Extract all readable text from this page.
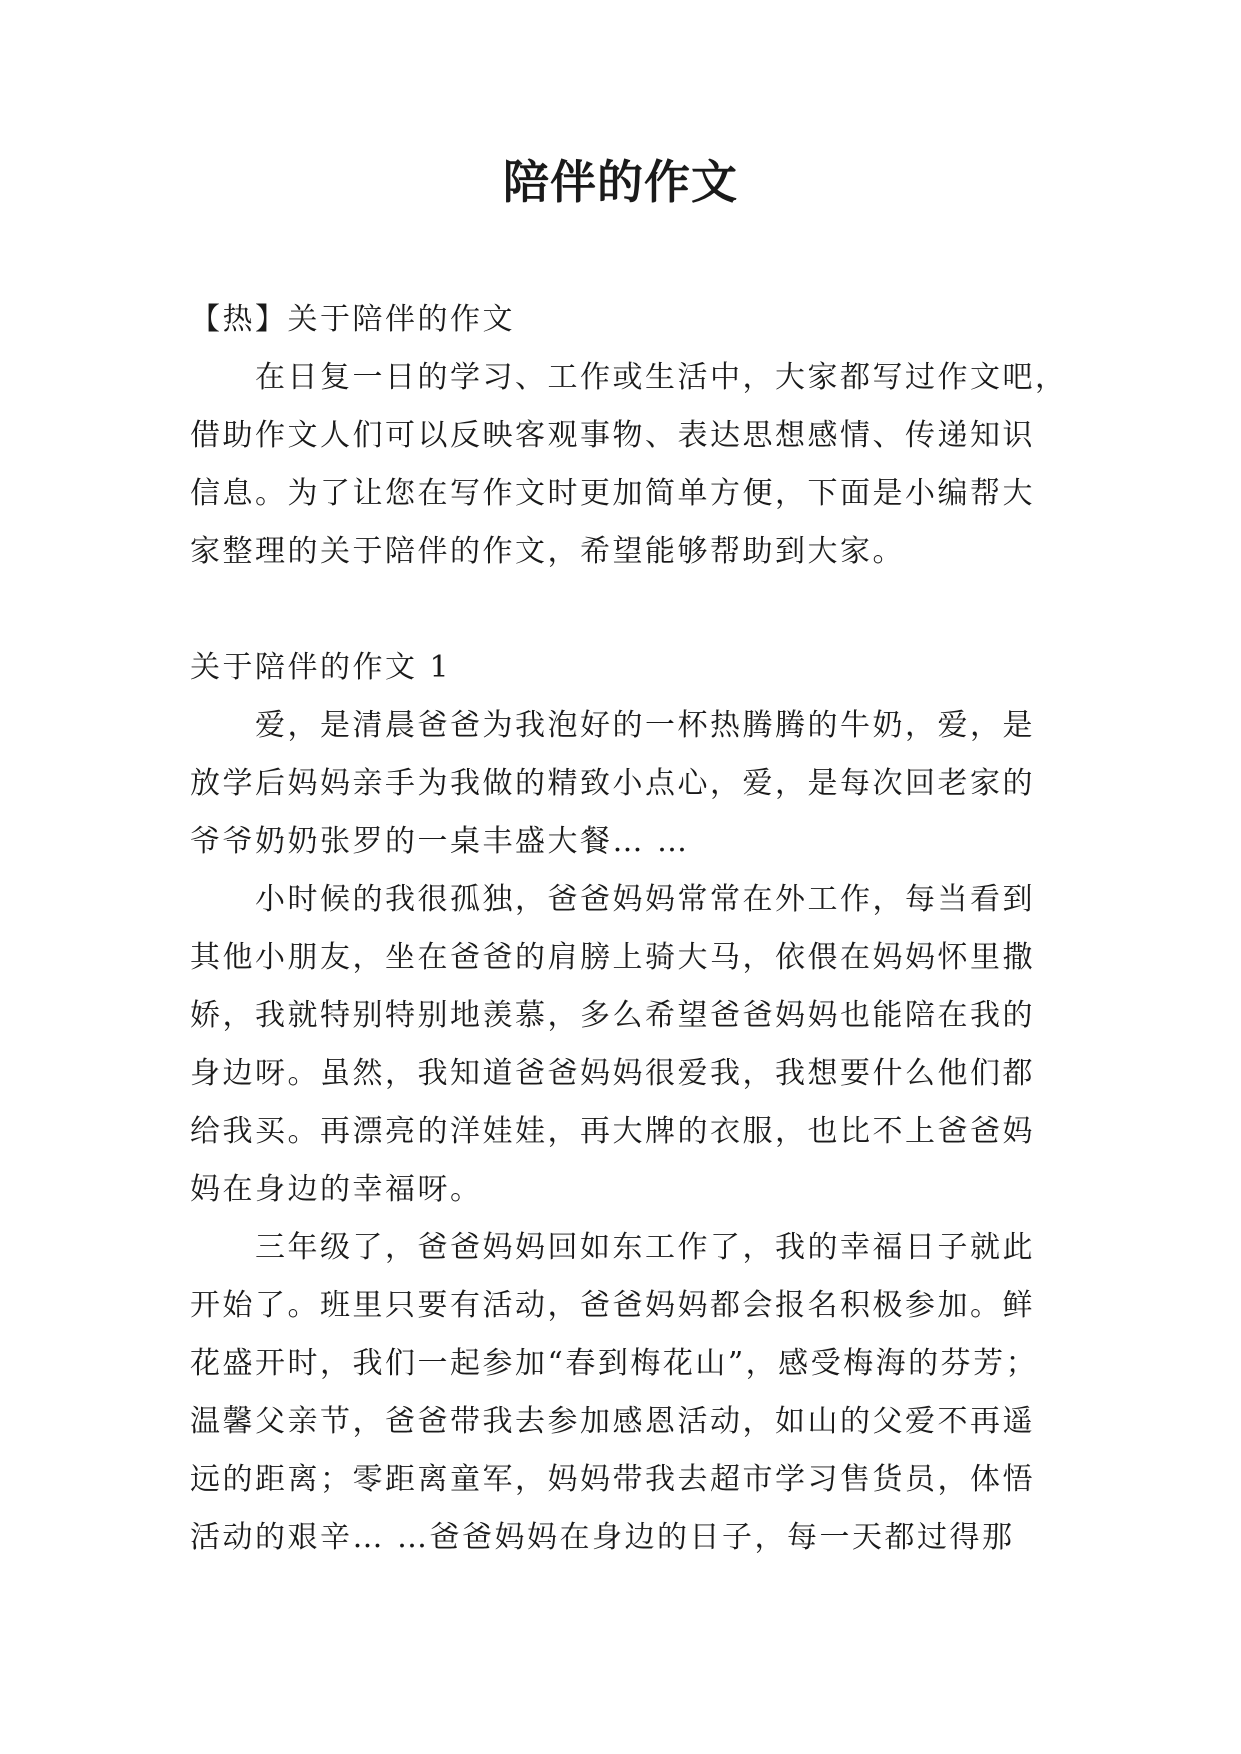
陪伴的作文
【热】关于陪伴的作文
在日复一日的学习、工作或生活中，大家都写过作文吧，
借助作文人们可以反映客观事物、表达思想感情、传递知识
信息。为了让您在写作文时更加简单方便，下面是小编帮大
家整理的关于陪伴的作文，希望能够帮助到大家。
关于陪伴的作文 1
爱，是清晨爸爸为我泡好的一杯热腾腾的牛奶，爱，是
放学后妈妈亲手为我做的精致小点心，爱，是每次回老家的
爷爷奶奶张罗的一桌丰盛大餐… …
小时候的我很孤独，爸爸妈妈常常在外工作，每当看到
其他小朋友，坐在爸爸的肩膀上骑大马，依偎在妈妈怀里撒
娇，我就特别特别地羡慕，多么希望爸爸妈妈也能陪在我的
身边呀。虽然，我知道爸爸妈妈很爱我，我想要什么他们都
给我买。再漂亮的洋娃娃，再大牌的衣服，也比不上爸爸妈
妈在身边的幸福呀。
三年级了，爸爸妈妈回如东工作了，我的幸福日子就此
开始了。班里只要有活动，爸爸妈妈都会报名积极参加。鲜
花盛开时，我们一起参加“春到梅花山”，感受梅海的芬芳；
温馨父亲节，爸爸带我去参加感恩活动，如山的父爱不再遥
远的距离；零距离童军，妈妈带我去超市学习售货员，体悟
活动的艰辛… …爸爸妈妈在身边的日子，每一天都过得那
